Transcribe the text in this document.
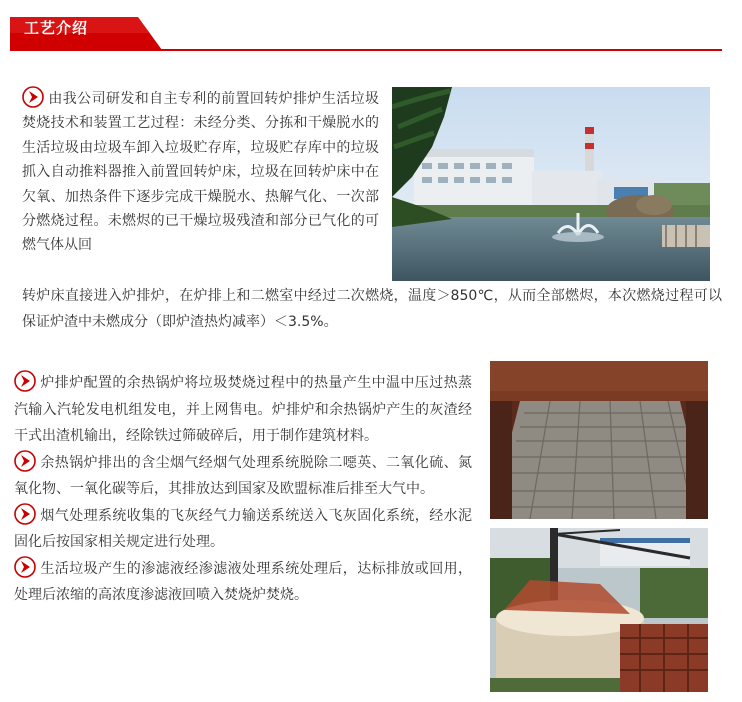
工艺介绍

由我公司研发和自主专利的前置回转炉排炉生活垃圾焚烧技术和装置工艺过程：未经分类、分拣和干燥脱水的生活垃圾由垃圾车卸入垃圾贮存库，垃圾贮存库中的垃圾抓入自动推料器推入前置回转炉床，垃圾在回转炉床中在欠氧、加热条件下逐步完成干燥脱水、热解气化、一次部分燃烧过程。未燃烬的已干燥垃圾残渣和部分已气化的可燃气体从回

转炉床直接进入炉排炉，在炉排上和二燃室中经过二次燃烧，温度＞850℃，从而全部燃烬，本次燃烧过程可以保证炉渣中未燃成分（即炉渣热灼减率）＜3.5%。

炉排炉配置的余热锅炉将垃圾焚烧过程中的热量产生中温中压过热蒸汽输入汽轮发电机组发电，并上网售电。炉排炉和余热锅炉产生的灰渣经干式出渣机输出，经除铁过筛破碎后，用于制作建筑材料。

余热锅炉排出的含尘烟气经烟气处理系统脱除二噁英、二氧化硫、氮氧化物、一氧化碳等后，其排放达到国家及欧盟标准后排至大气中。

烟气处理系统收集的飞灰经气力输送系统送入飞灰固化系统，经水泥固化后按国家相关规定进行处理。

生活垃圾产生的渗滤液经渗滤液处理系统处理后，达标排放或回用，处理后浓缩的高浓度渗滤液回喷入焚烧炉焚烧。
